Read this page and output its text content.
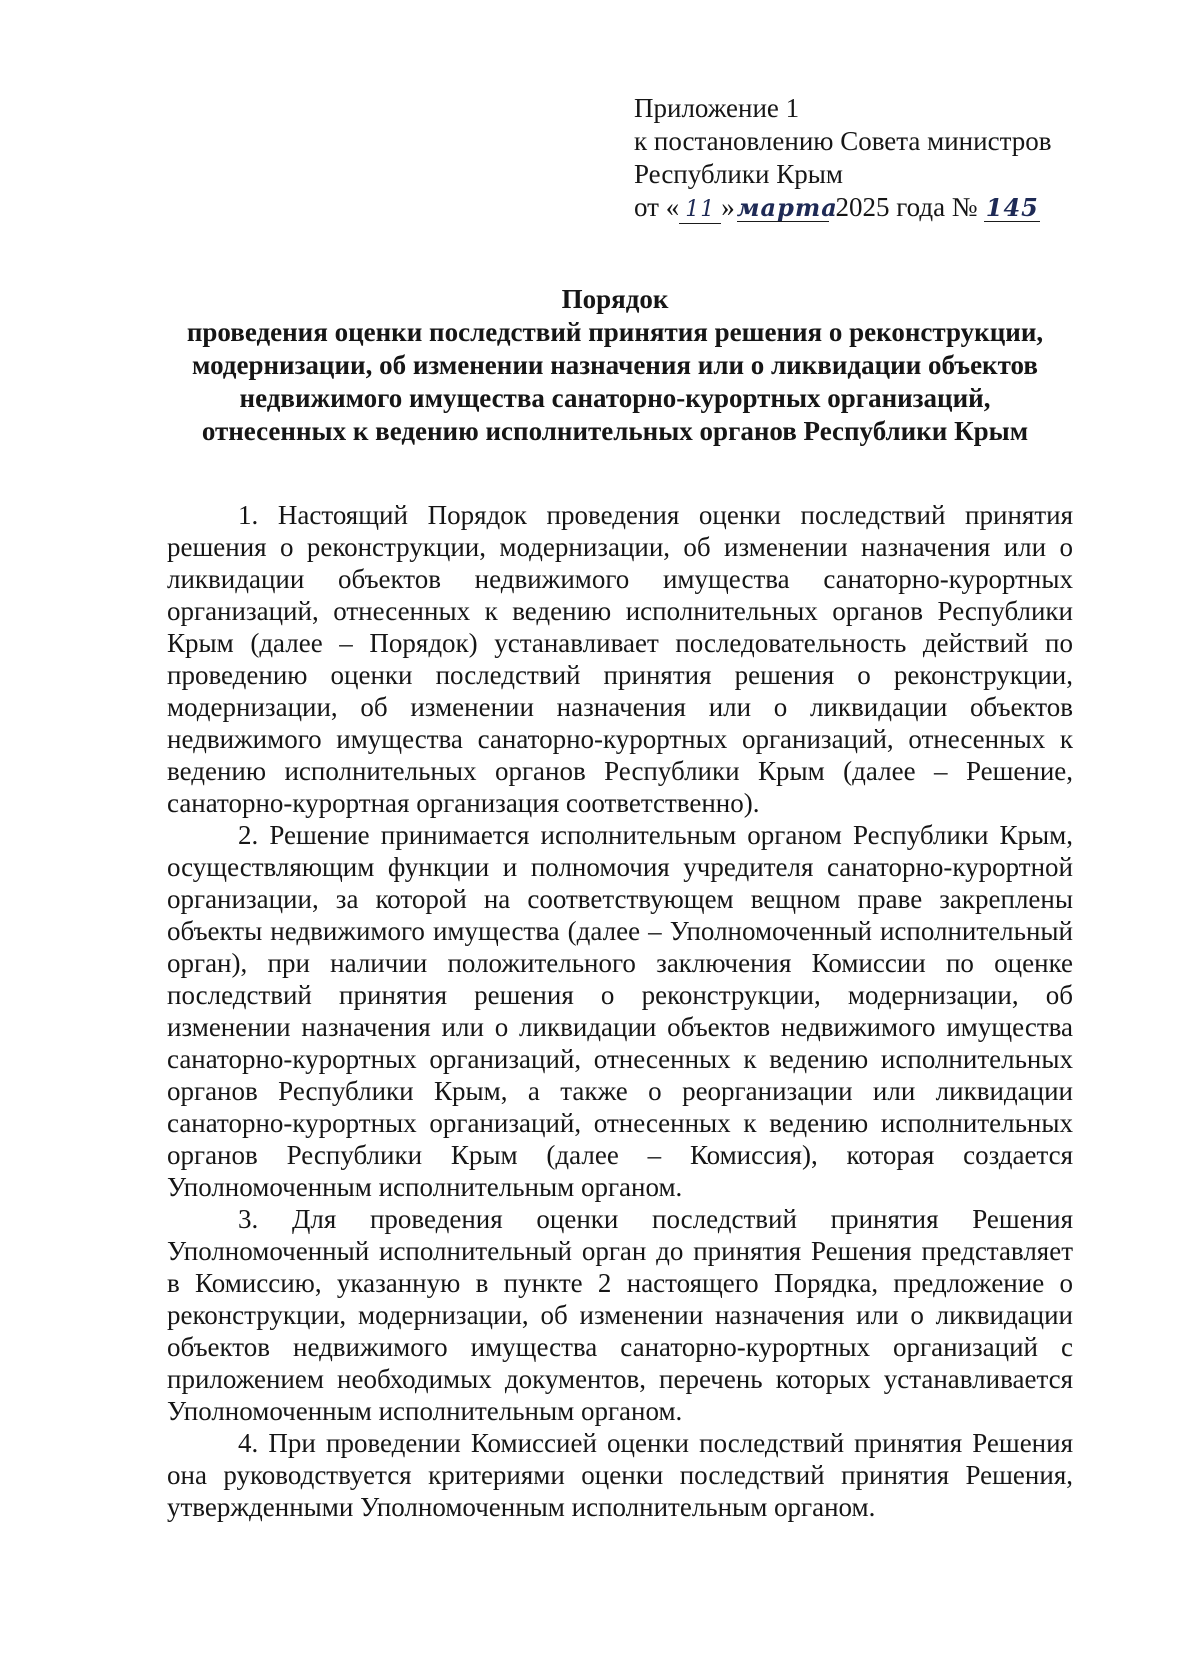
Приложение 1
к постановлению Совета министров
Республики Крым
от « 11 »марта 2025 года № 145
Порядок
проведения оценки последствий принятия решения о реконструкции,
модернизации, об изменении назначения или о ликвидации объектов
недвижимого имущества санаторно-курортных организаций,
отнесенных к ведению исполнительных органов Республики Крым

1. Настоящий Порядок проведения оценки последствий принятия решения о реконструкции, модернизации, об изменении назначения или о ликвидации объектов недвижимого имущества санаторно-курортных организаций, отнесенных к ведению исполнительных органов Республики Крым (далее – Порядок) устанавливает последовательность действий по проведению оценки последствий принятия решения о реконструкции, модернизации, об изменении назначения или о ликвидации объектов недвижимого имущества санаторно-курортных организаций, отнесенных к ведению исполнительных органов Республики Крым (далее – Решение, санаторно-курортная организация соответственно).

2. Решение принимается исполнительным органом Республики Крым, осуществляющим функции и полномочия учредителя санаторно-курортной организации, за которой на соответствующем вещном праве закреплены объекты недвижимого имущества (далее – Уполномоченный исполнительный орган), при наличии положительного заключения Комиссии по оценке последствий принятия решения о реконструкции, модернизации, об изменении назначения или о ликвидации объектов недвижимого имущества санаторно-курортных организаций, отнесенных к ведению исполнительных органов Республики Крым, а также о реорганизации или ликвидации санаторно-курортных организаций, отнесенных к ведению исполнительных органов Республики Крым (далее – Комиссия), которая создается Уполномоченным исполнительным органом.

3. Для проведения оценки последствий принятия Решения Уполномоченный исполнительный орган до принятия Решения представляет в Комиссию, указанную в пункте 2 настоящего Порядка, предложение о реконструкции, модернизации, об изменении назначения или о ликвидации объектов недвижимого имущества санаторно-курортных организаций с приложением необходимых документов, перечень которых устанавливается Уполномоченным исполнительным органом.

4. При проведении Комиссией оценки последствий принятия Решения она руководствуется критериями оценки последствий принятия Решения, утвержденными Уполномоченным исполнительным органом.
